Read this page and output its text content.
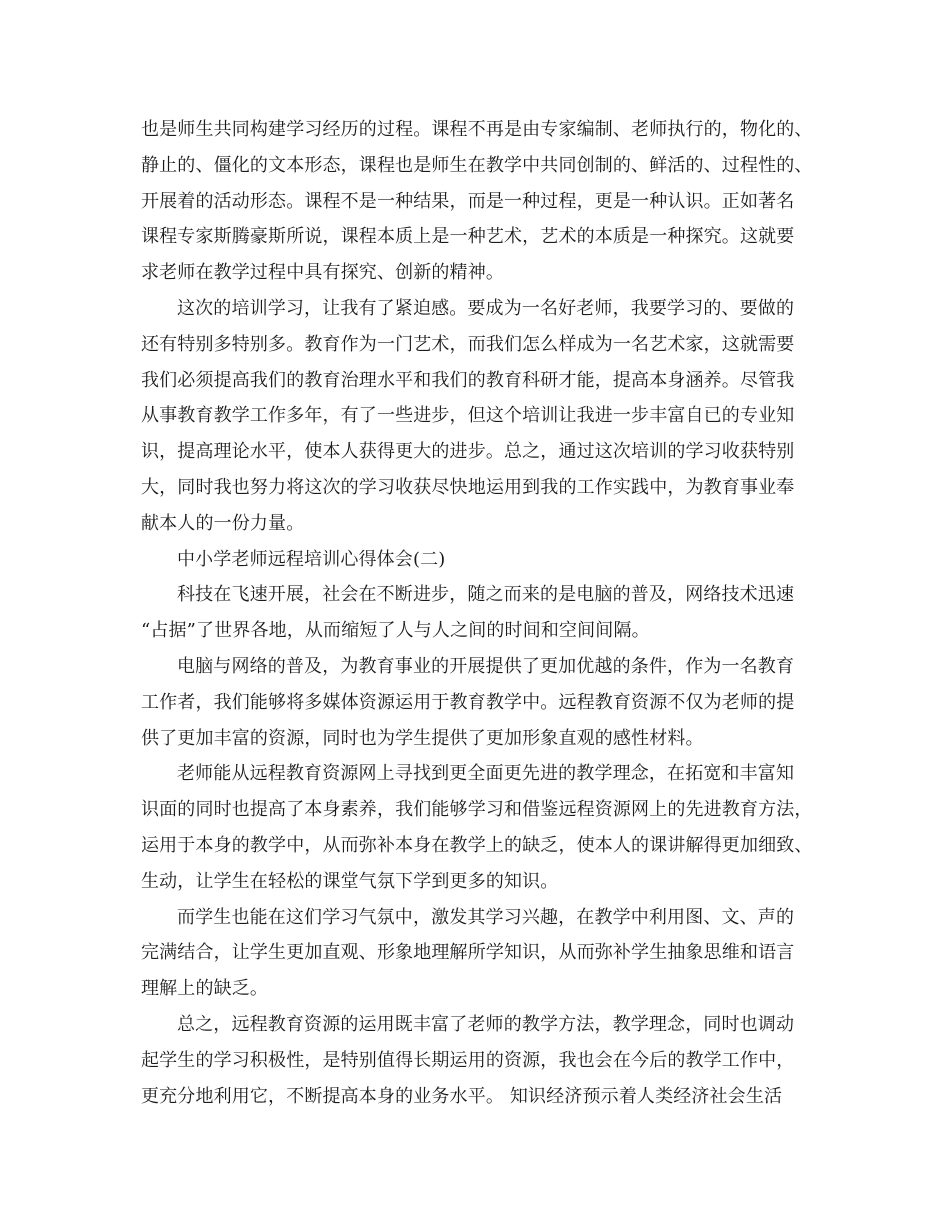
也是师生共同构建学习经历的过程。课程不再是由专家编制、老师执行的，物化的、
静止的、僵化的文本形态，课程也是师生在教学中共同创制的、鲜活的、过程性的、
开展着的活动形态。课程不是一种结果，而是一种过程，更是一种认识。正如著名
课程专家斯腾豪斯所说，课程本质上是一种艺术，艺术的本质是一种探究。这就要
求老师在教学过程中具有探究、创新的精神。
这次的培训学习，让我有了紧迫感。要成为一名好老师，我要学习的、要做的
还有特别多特别多。教育作为一门艺术，而我们怎么样成为一名艺术家，这就需要
我们必须提高我们的教育治理水平和我们的教育科研才能，提高本身涵养。尽管我
从事教育教学工作多年，有了一些进步，但这个培训让我进一步丰富自已的专业知
识，提高理论水平，使本人获得更大的进步。总之，通过这次培训的学习收获特别
大，同时我也努力将这次的学习收获尽快地运用到我的工作实践中，为教育事业奉
献本人的一份力量。
中小学老师远程培训心得体会(二)
科技在飞速开展，社会在不断进步，随之而来的是电脑的普及，网络技术迅速
“占据”了世界各地，从而缩短了人与人之间的时间和空间间隔。
电脑与网络的普及，为教育事业的开展提供了更加优越的条件，作为一名教育
工作者，我们能够将多媒体资源运用于教育教学中。远程教育资源不仅为老师的提
供了更加丰富的资源，同时也为学生提供了更加形象直观的感性材料。
老师能从远程教育资源网上寻找到更全面更先进的教学理念，在拓宽和丰富知
识面的同时也提高了本身素养，我们能够学习和借鉴远程资源网上的先进教育方法，
运用于本身的教学中，从而弥补本身在教学上的缺乏，使本人的课讲解得更加细致、
生动，让学生在轻松的课堂气氛下学到更多的知识。
而学生也能在这们学习气氛中，激发其学习兴趣，在教学中利用图、文、声的
完满结合，让学生更加直观、形象地理解所学知识，从而弥补学生抽象思维和语言
理解上的缺乏。
总之，远程教育资源的运用既丰富了老师的教学方法，教学理念，同时也调动
起学生的学习积极性，是特别值得长期运用的资源，我也会在今后的教学工作中，
更充分地利用它，不断提高本身的业务水平。 知识经济预示着人类经济社会生活
